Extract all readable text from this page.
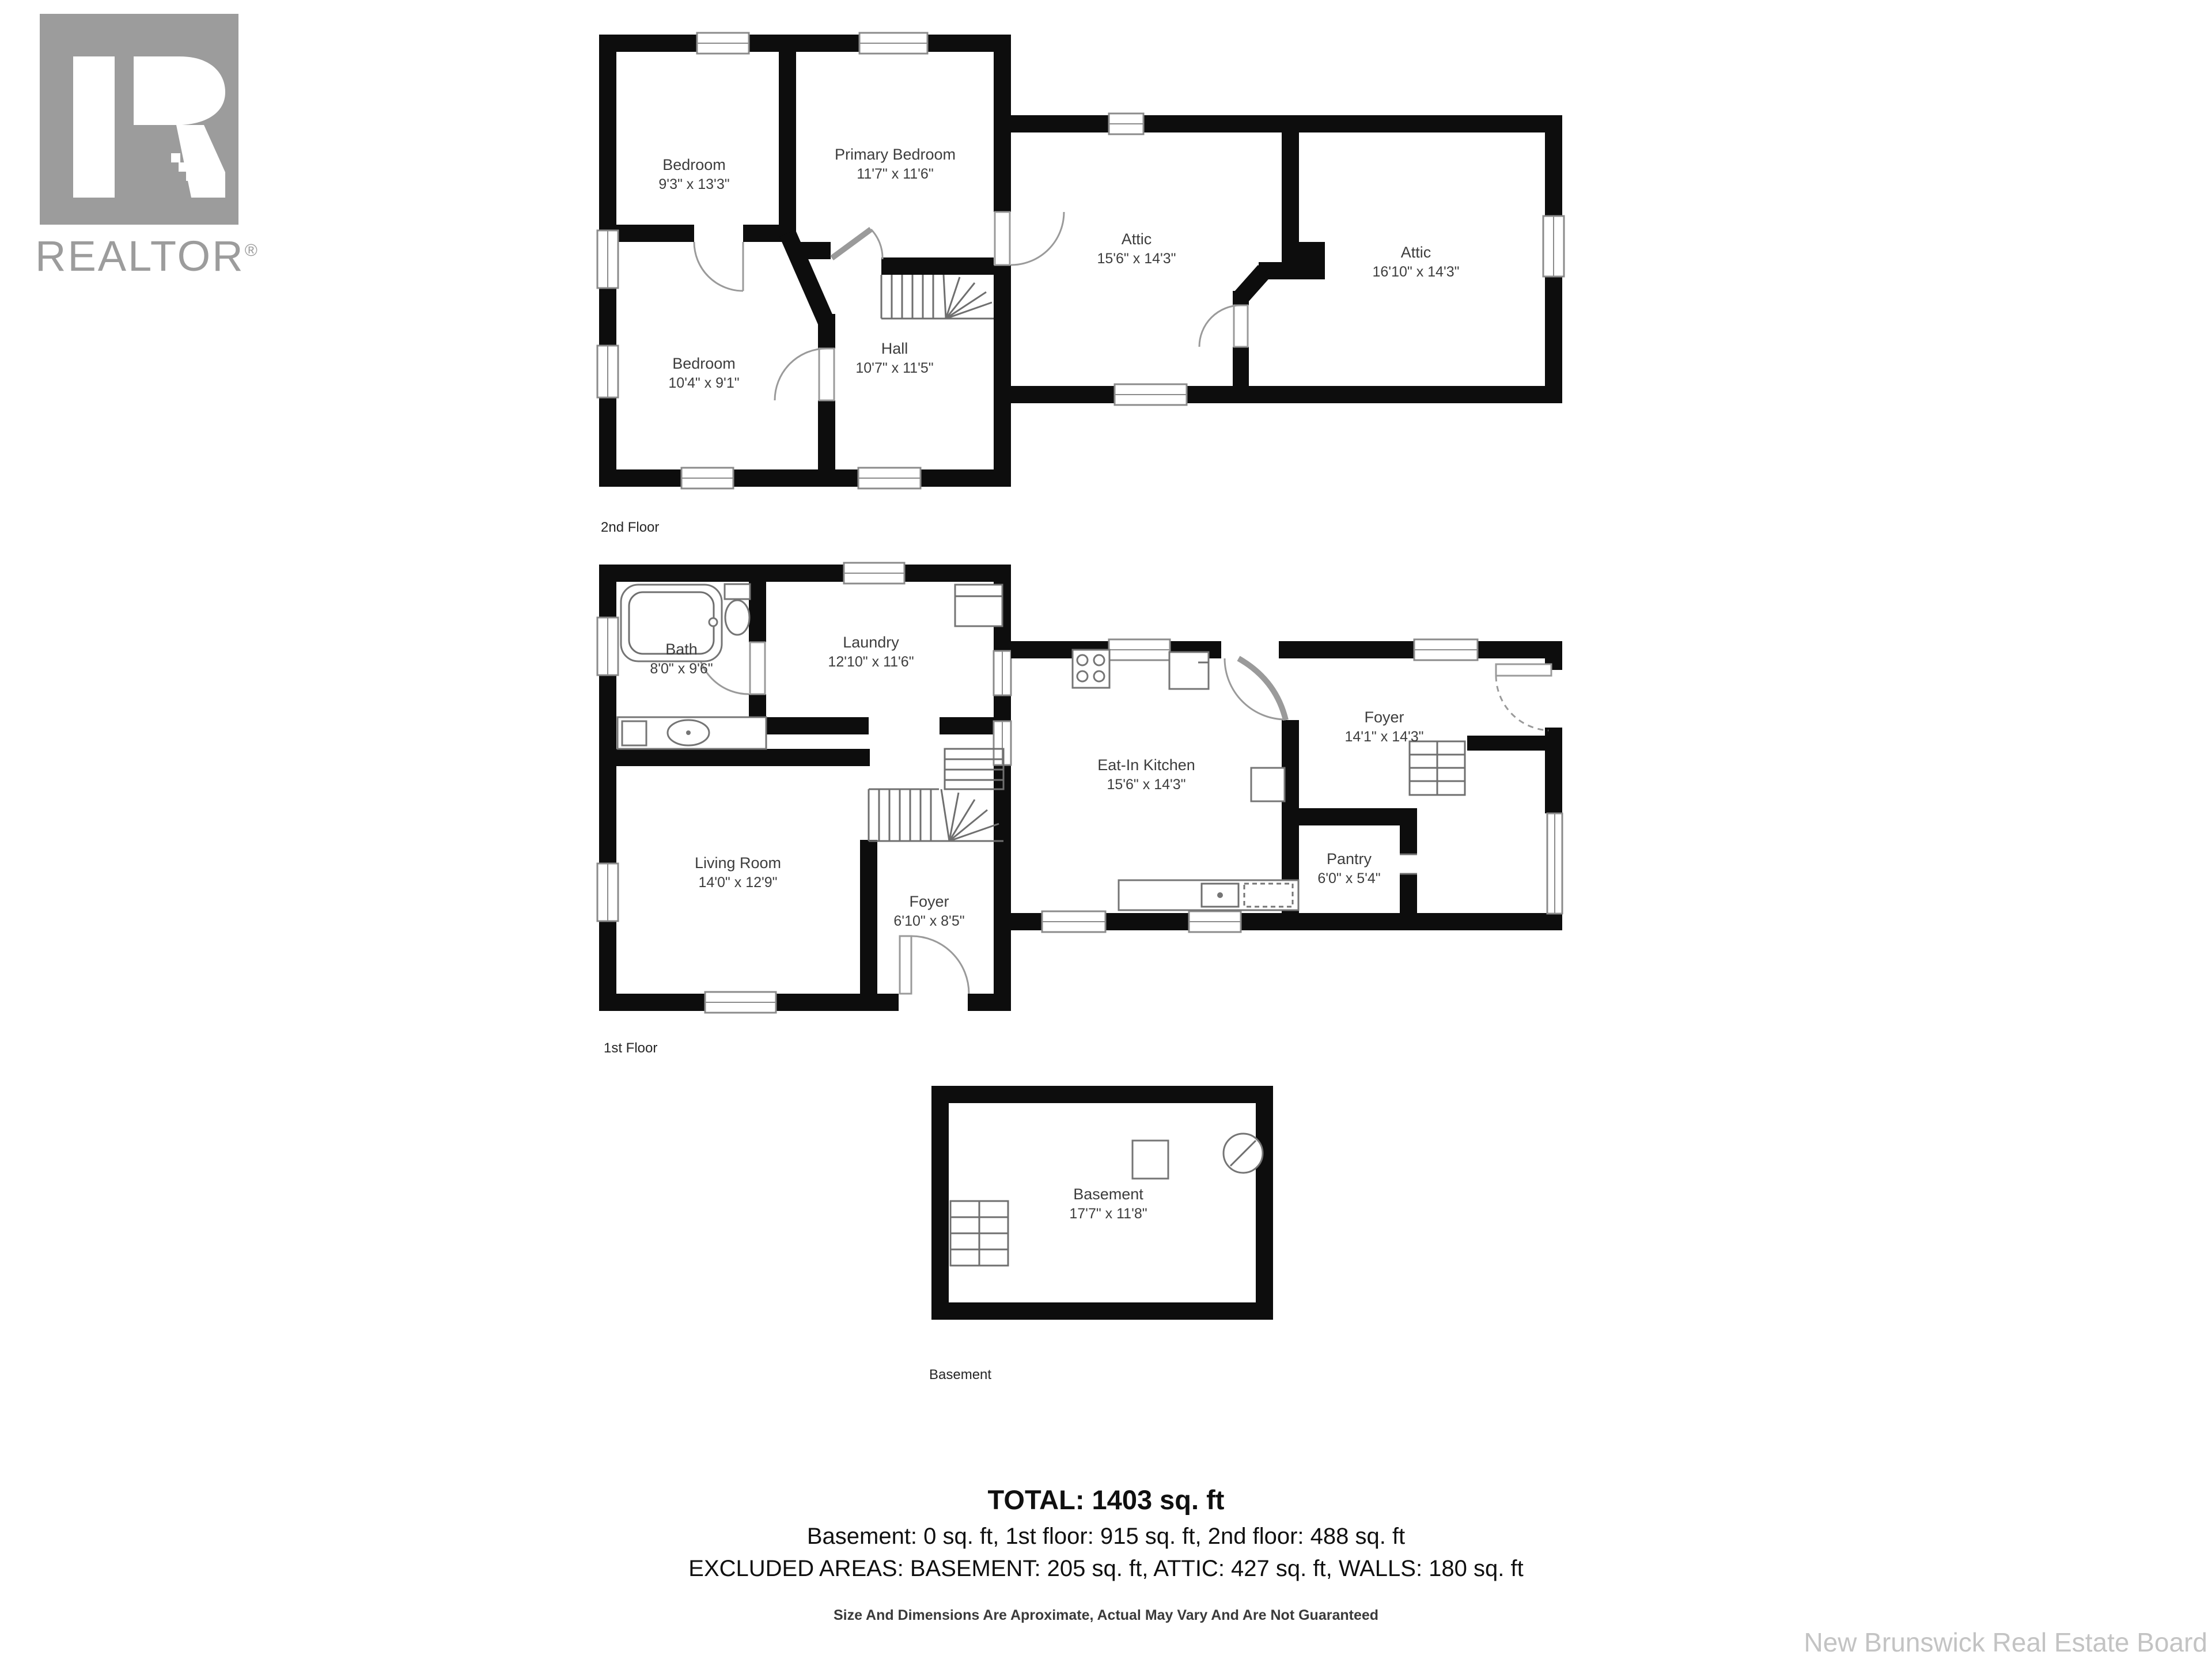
Bedroom
9'3" x 13'3"
Primary Bedroom
11'7" x 11'6"
Attic
15'6" x 14'3"	Attic
16'10" x 14'3"
Bedroom
10'4" x 9'1"
Hall
10'7" x 11'5"
Bath
8'0" x 9'6"
Laundry
12'10" x 11'6"
Eat-In Kitchen
15'6" x 14'3"
Foyer
14'1" x 14'3"
Living Room
14'0" x 12'9"
Foyer
6'10" x 8'5"
Pantry
6'0" x 5'4"
Basement
17'7" x 11'8"
2nd Floor
1st Floor
Basement
REALTOR®
TOTAL: 1403 sq. ft
Basement: 0 sq. ft, 1st floor: 915 sq. ft, 2nd floor: 488 sq. ft
EXCLUDED AREAS: BASEMENT: 205 sq. ft, ATTIC: 427 sq. ft, WALLS: 180 sq. ft
Size And Dimensions Are Aproximate, Actual May Vary And Are Not Guaranteed
New Brunswick Real Estate Board
